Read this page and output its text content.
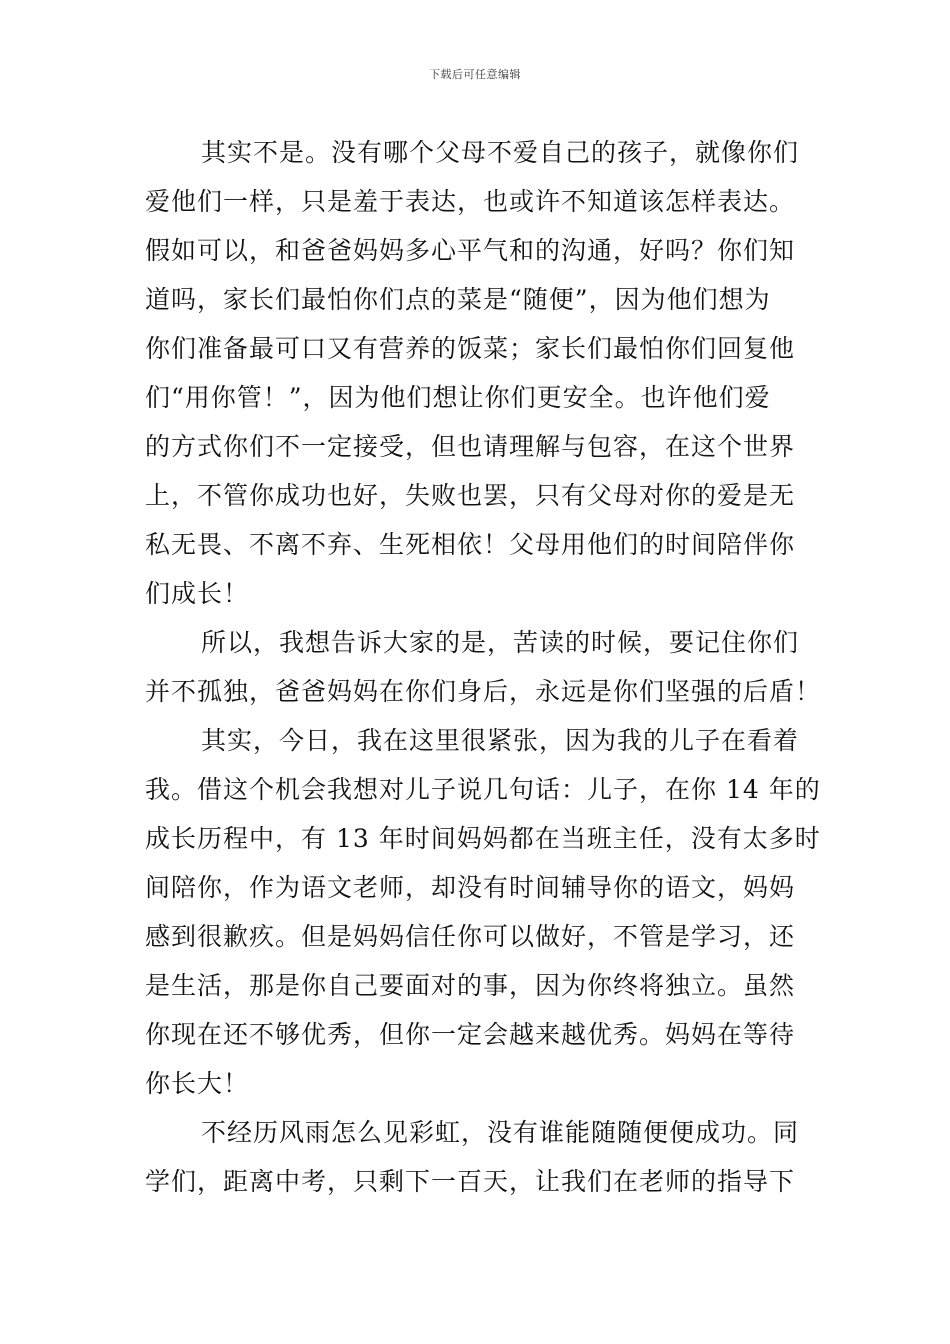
下载后可任意编辑

其实不是。没有哪个父母不爱自己的孩子，就像你们
爱他们一样，只是羞于表达，也或许不知道该怎样表达。
假如可以，和爸爸妈妈多心平气和的沟通，好吗？你们知
道吗，家长们最怕你们点的菜是“随便”，因为他们想为
你们准备最可口又有营养的饭菜；家长们最怕你们回复他
们“用你管！”，因为他们想让你们更安全。也许他们爱
的方式你们不一定接受，但也请理解与包容，在这个世界
上，不管你成功也好，失败也罢，只有父母对你的爱是无
私无畏、不离不弃、生死相依！父母用他们的时间陪伴你
们成长！

所以，我想告诉大家的是，苦读的时候，要记住你们
并不孤独，爸爸妈妈在你们身后，永远是你们坚强的后盾！

其实，今日，我在这里很紧张，因为我的儿子在看着
我。借这个机会我想对儿子说几句话：儿子，在你 14 年的
成长历程中，有 13 年时间妈妈都在当班主任，没有太多时
间陪你，作为语文老师，却没有时间辅导你的语文，妈妈
感到很歉疚。但是妈妈信任你可以做好，不管是学习，还
是生活，那是你自己要面对的事，因为你终将独立。虽然
你现在还不够优秀，但你一定会越来越优秀。妈妈在等待
你长大！

不经历风雨怎么见彩虹，没有谁能随随便便成功。同
学们，距离中考，只剩下一百天，让我们在老师的指导下
